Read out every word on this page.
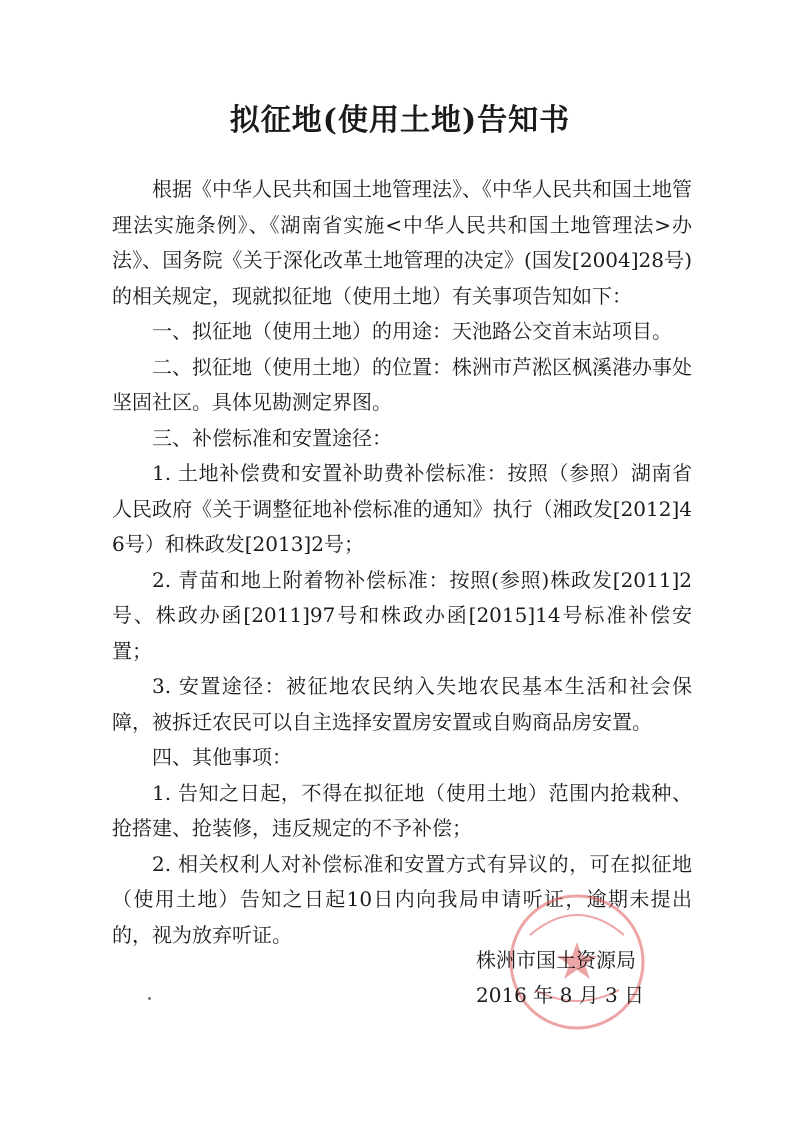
拟征地(使用土地)告知书

根据《中华人民共和国土地管理法》、《中华人民共和国土地管理法实施条例》、《湖南省实施<中华人民共和国土地管理法>办法》、国务院《关于深化改革土地管理的决定》(国发[2004]28号)的相关规定，现就拟征地（使用土地）有关事项告知如下：

一、拟征地（使用土地）的用途：天池路公交首末站项目。

二、拟征地（使用土地）的位置：株洲市芦淞区枫溪港办事处坚固社区。具体见勘测定界图。

三、补偿标准和安置途径：

1. 土地补偿费和安置补助费补偿标准：按照（参照）湖南省人民政府《关于调整征地补偿标准的通知》执行（湘政发[2012]46号）和株政发[2013]2号；

2. 青苗和地上附着物补偿标准：按照(参照)株政发[2011]2号、株政办函[2011]97号和株政办函[2015]14号标准补偿安置；

3. 安置途径：被征地农民纳入失地农民基本生活和社会保障，被拆迁农民可以自主选择安置房安置或自购商品房安置。

四、其他事项：

1. 告知之日起，不得在拟征地（使用土地）范围内抢栽种、抢搭建、抢装修，违反规定的不予补偿；

2. 相关权利人对补偿标准和安置方式有异议的，可在拟征地（使用土地）告知之日起10日内向我局申请听证，逾期未提出的，视为放弃听证。

株洲市国土资源局
2016 年 8 月 3 日
